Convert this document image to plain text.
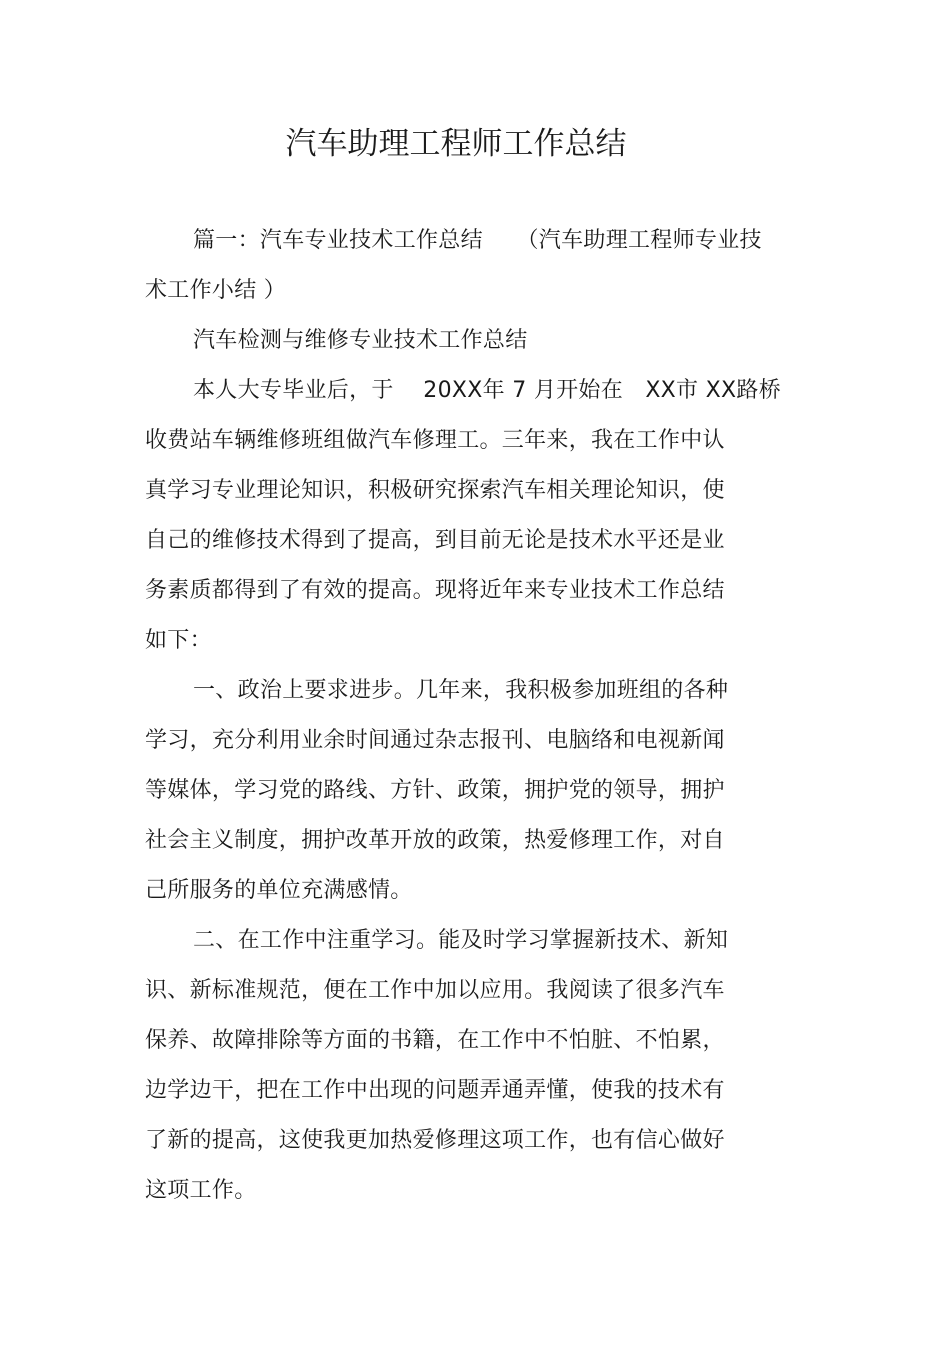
汽车助理工程师工作总结
篇一：汽车专业技术工作总结　　（汽车助理工程师专业技
术工作小结 ）
汽车检测与维修专业技术工作总结
本人大专毕业后，于　 20XX年 7 月开始在　XX市 XX路桥
收费站车辆维修班组做汽车修理工。三年来，我在工作中认
真学习专业理论知识，积极研究探索汽车相关理论知识，使
自己的维修技术得到了提高，到目前无论是技术水平还是业
务素质都得到了有效的提高。现将近年来专业技术工作总结
如下：
一、政治上要求进步。几年来，我积极参加班组的各种
学习，充分利用业余时间通过杂志报刊、电脑络和电视新闻
等媒体，学习党的路线、方针、政策，拥护党的领导，拥护
社会主义制度，拥护改革开放的政策，热爱修理工作，对自
己所服务的单位充满感情。
二、在工作中注重学习。能及时学习掌握新技术、新知
识、新标准规范，便在工作中加以应用。我阅读了很多汽车
保养、故障排除等方面的书籍，在工作中不怕脏、不怕累，
边学边干，把在工作中出现的问题弄通弄懂，使我的技术有
了新的提高，这使我更加热爱修理这项工作，也有信心做好
这项工作。
